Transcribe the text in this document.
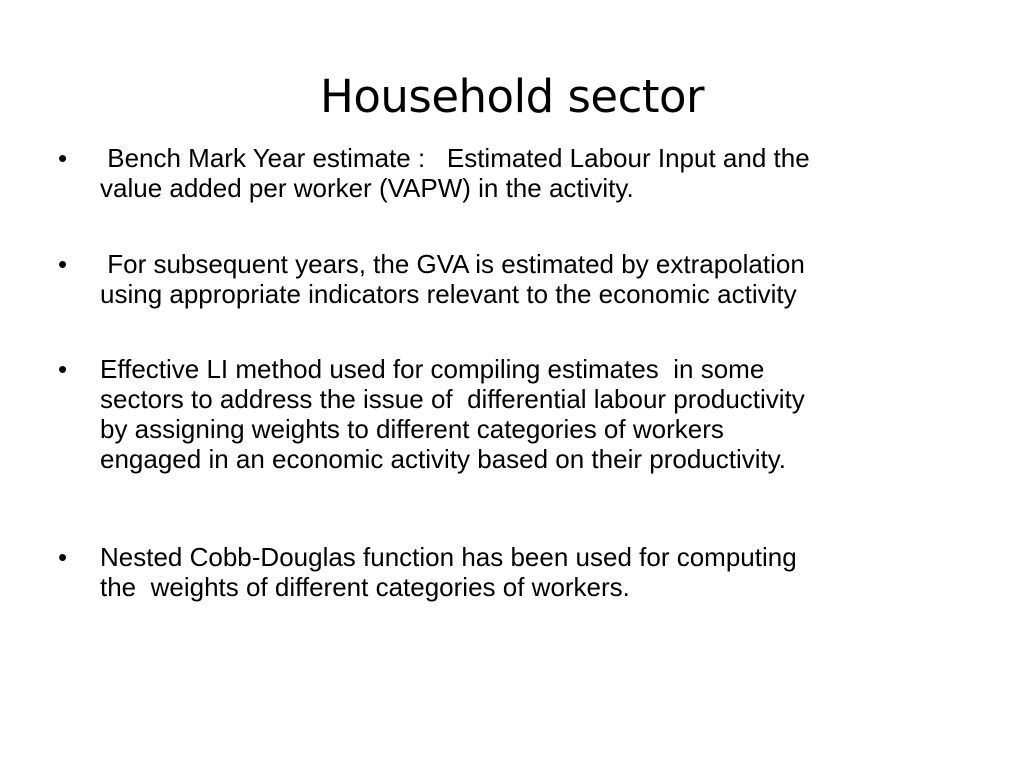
Household sector
•	Bench Mark Year estimate :   Estimated Labour Input and the
value added per worker (VAPW) in the activity.
•	For subsequent years, the GVA is estimated by extrapolation
using appropriate indicators relevant to the economic activity
•	Effective LI method used for compiling estimates  in some
sectors to address the issue of  differential labour productivity
by assigning weights to different categories of workers
engaged in an economic activity based on their productivity.
•	Nested Cobb-Douglas function has been used for computing
the  weights of different categories of workers.
